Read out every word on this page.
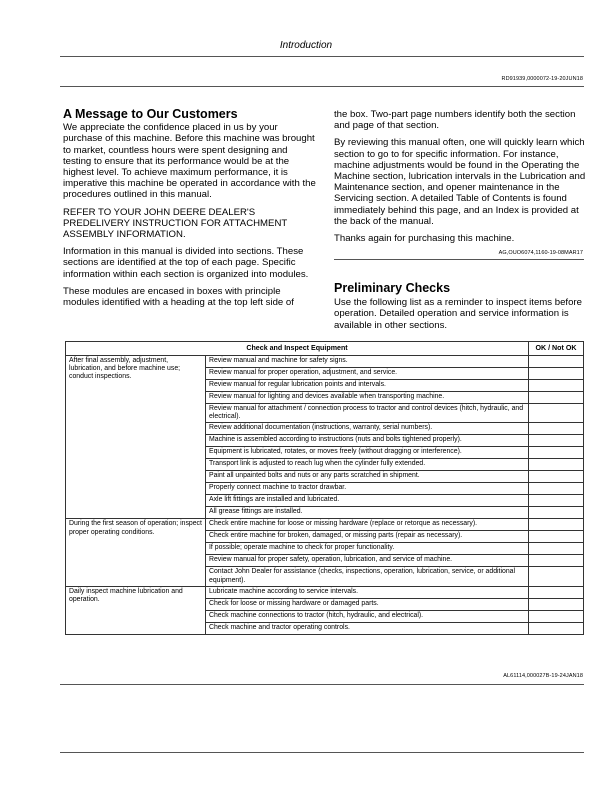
Introduction
RD91939,0000072-19-20JUN18
A Message to Our Customers

We appreciate the confidence placed in us by your purchase of this machine. Before this machine was brought to market, countless hours were spent designing and testing to ensure that its performance would be at the highest level. To achieve maximum performance, it is imperative this machine be operated in accordance with the procedures outlined in this manual.

REFER TO YOUR JOHN DEERE DEALER'S PREDELIVERY INSTRUCTION FOR ATTACHMENT ASSEMBLY INFORMATION.

Information in this manual is divided into sections. These sections are identified at the top of each page. Specific information within each section is organized into modules.

These modules are encased in boxes with principle modules identified with a heading at the top left side of

the box. Two-part page numbers identify both the section and page of that section.

By reviewing this manual often, one will quickly learn which section to go to for specific information. For instance, machine adjustments would be found in the Operating the Machine section, lubrication intervals in the Lubrication and Maintenance section, and opener maintenance in the Servicing section. A detailed Table of Contents is found immediately behind this page, and an Index is provided at the back of the manual.

Thanks again for purchasing this machine.

AG,OUO6074,1160-19-08MAR17
Preliminary Checks

Use the following list as a reminder to inspect items before operation. Detailed operation and service information is available in other sections.

Check and Inspect Equipment		OK / Not OK
After final assembly, adjustment, lubrication, and before machine use; conduct inspections.	Review manual and machine for safety signs.	
	Review manual for proper operation, adjustment, and service.	
	Review manual for regular lubrication points and intervals.	
	Review manual for lighting and devices available when transporting machine.	
	Review manual for attachment / connection process to tractor and control devices (hitch, hydraulic, and electrical).	
	Review additional documentation (instructions, warranty, serial numbers).	
	Machine is assembled according to instructions (nuts and bolts tightened properly).	
	Equipment is lubricated, rotates, or moves freely (without dragging or interference).	
	Transport link is adjusted to reach lug when the cylinder fully extended.	
	Paint all unpainted bolts and nuts or any parts scratched in shipment.	
	Properly connect machine to tractor drawbar.	
	Axle lift fittings are installed and lubricated.	
	All grease fittings are installed.	
During the first season of operation; inspect proper operating conditions.	Check entire machine for loose or missing hardware (replace or retorque as necessary).	
	Check entire machine for broken, damaged, or missing parts (repair as necessary).	
	If possible; operate machine to check for proper functionality.	
	Review manual for proper safety, operation, lubrication, and service of machine.	
	Contact John Dealer for assistance (checks, inspections, operation, lubrication, service, or additional equipment).	
Daily inspect machine lubrication and operation.	Lubricate machine according to service intervals.	
	Check for loose or missing hardware or damaged parts.	
	Check machine connections to tractor (hitch, hydraulic, and electrical).	
	Check machine and tractor operating controls.	
AL61114,000027B-19-24JAN18
